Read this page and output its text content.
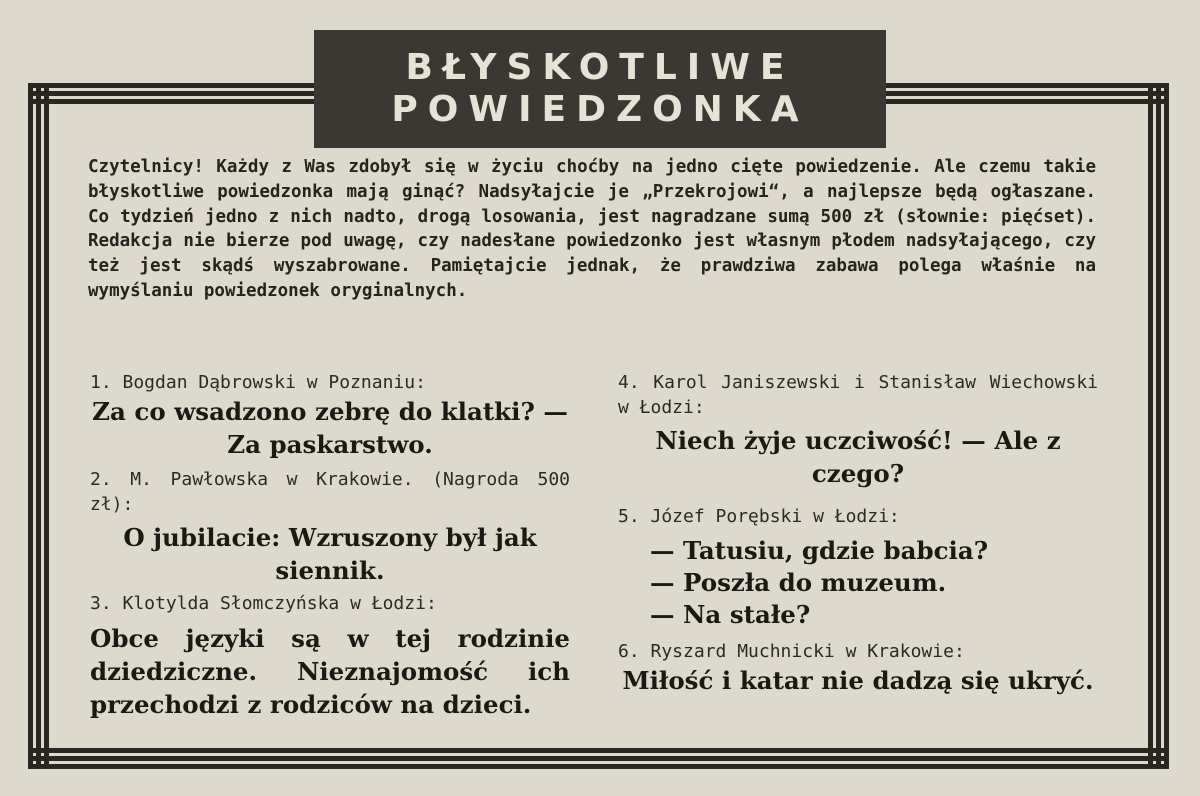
BŁYSKOTLIWE
POWIEDZONKA
Czytelnicy! Każdy z Was zdobył się w życiu choćby na jedno cięte powiedzenie. Ale czemu takie błyskotliwe powiedzonka mają ginąć? Nadsyłajcie je „Przekrojowi“, a najlepsze będą ogłaszane. Co tydzień jedno z nich nadto, drogą losowania, jest nagradzane sumą 500 zł (słownie: pięćset). Redakcja nie bierze pod uwagę, czy nadesłane powiedzonko jest własnym płodem nadsyłającego, czy też jest skądś wyszabrowane. Pamiętajcie jednak, że prawdziwa zabawa polega właśnie na wymyślaniu powiedzonek oryginalnych.
1. Bogdan Dąbrowski w Poznaniu:
Za co wsadzono zebrę do klatki? — Za paskarstwo.
2. M. Pawłowska w Krakowie. (Nagroda 500 zł):
O jubilacie: Wzruszony był jak siennik.
3. Klotylda Słomczyńska w Łodzi:
Obce języki są w tej rodzinie dziedziczne. Nieznajomość ich przechodzi z rodziców na dzieci.
4. Karol Janiszewski i Stanisław Wiechowski w Łodzi:
Niech żyje uczciwość! — Ale z czego?
5. Józef Porębski w Łodzi:
— Tatusiu, gdzie babcia?
— Poszła do muzeum.
— Na stałe?
6. Ryszard Muchnicki w Krakowie:
Miłość i katar nie dadzą się ukryć.
